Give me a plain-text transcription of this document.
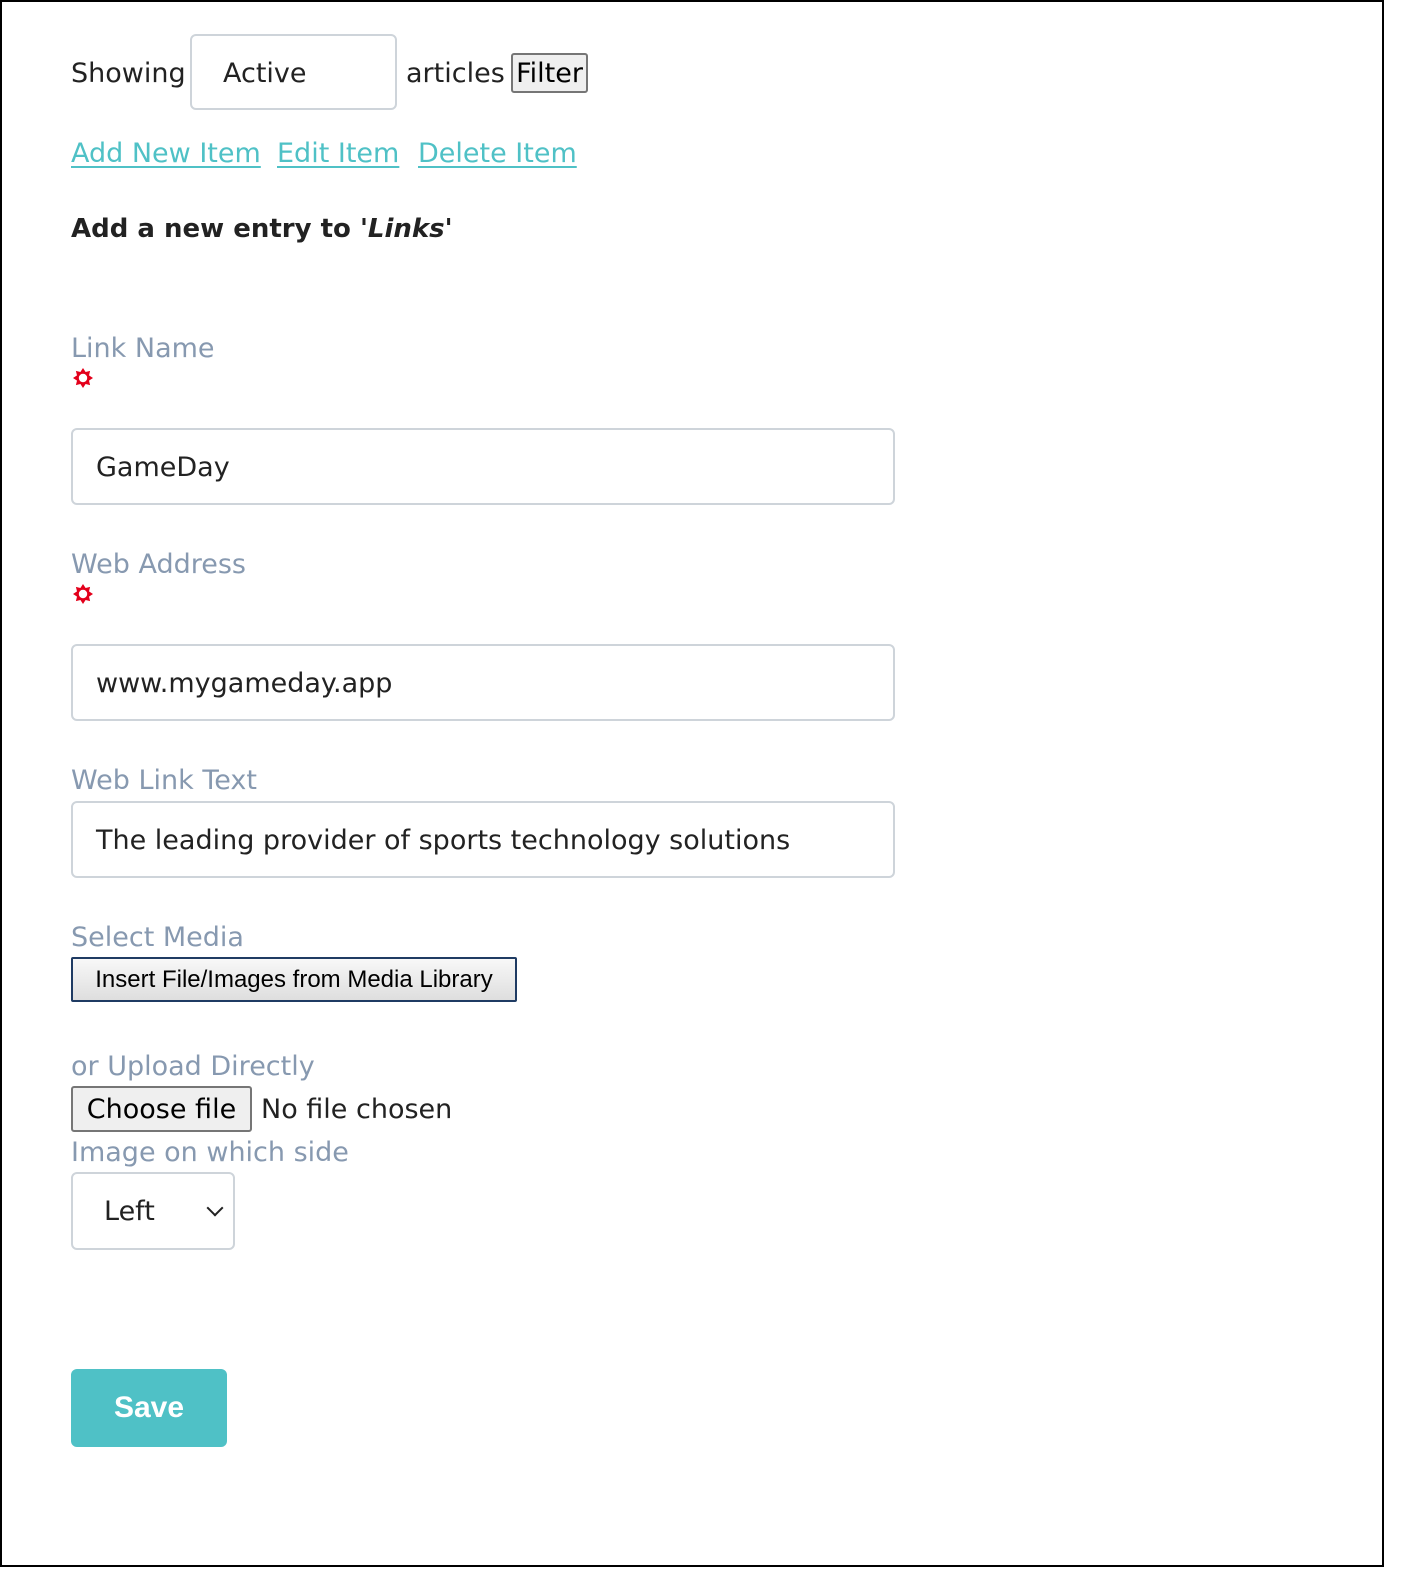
Showing Active	articles Filter
Add New Item Edit Item Delete Item
Add a new entry to 'Links'
Link Name
GameDay
Web Address
www.mygameday.app
Web Link Text
The leading provider of sports technology solutions
Select Media
Insert File/Images from Media Library
or Upload Directly
Choose file No file chosen
Image on which side
Left
Save
